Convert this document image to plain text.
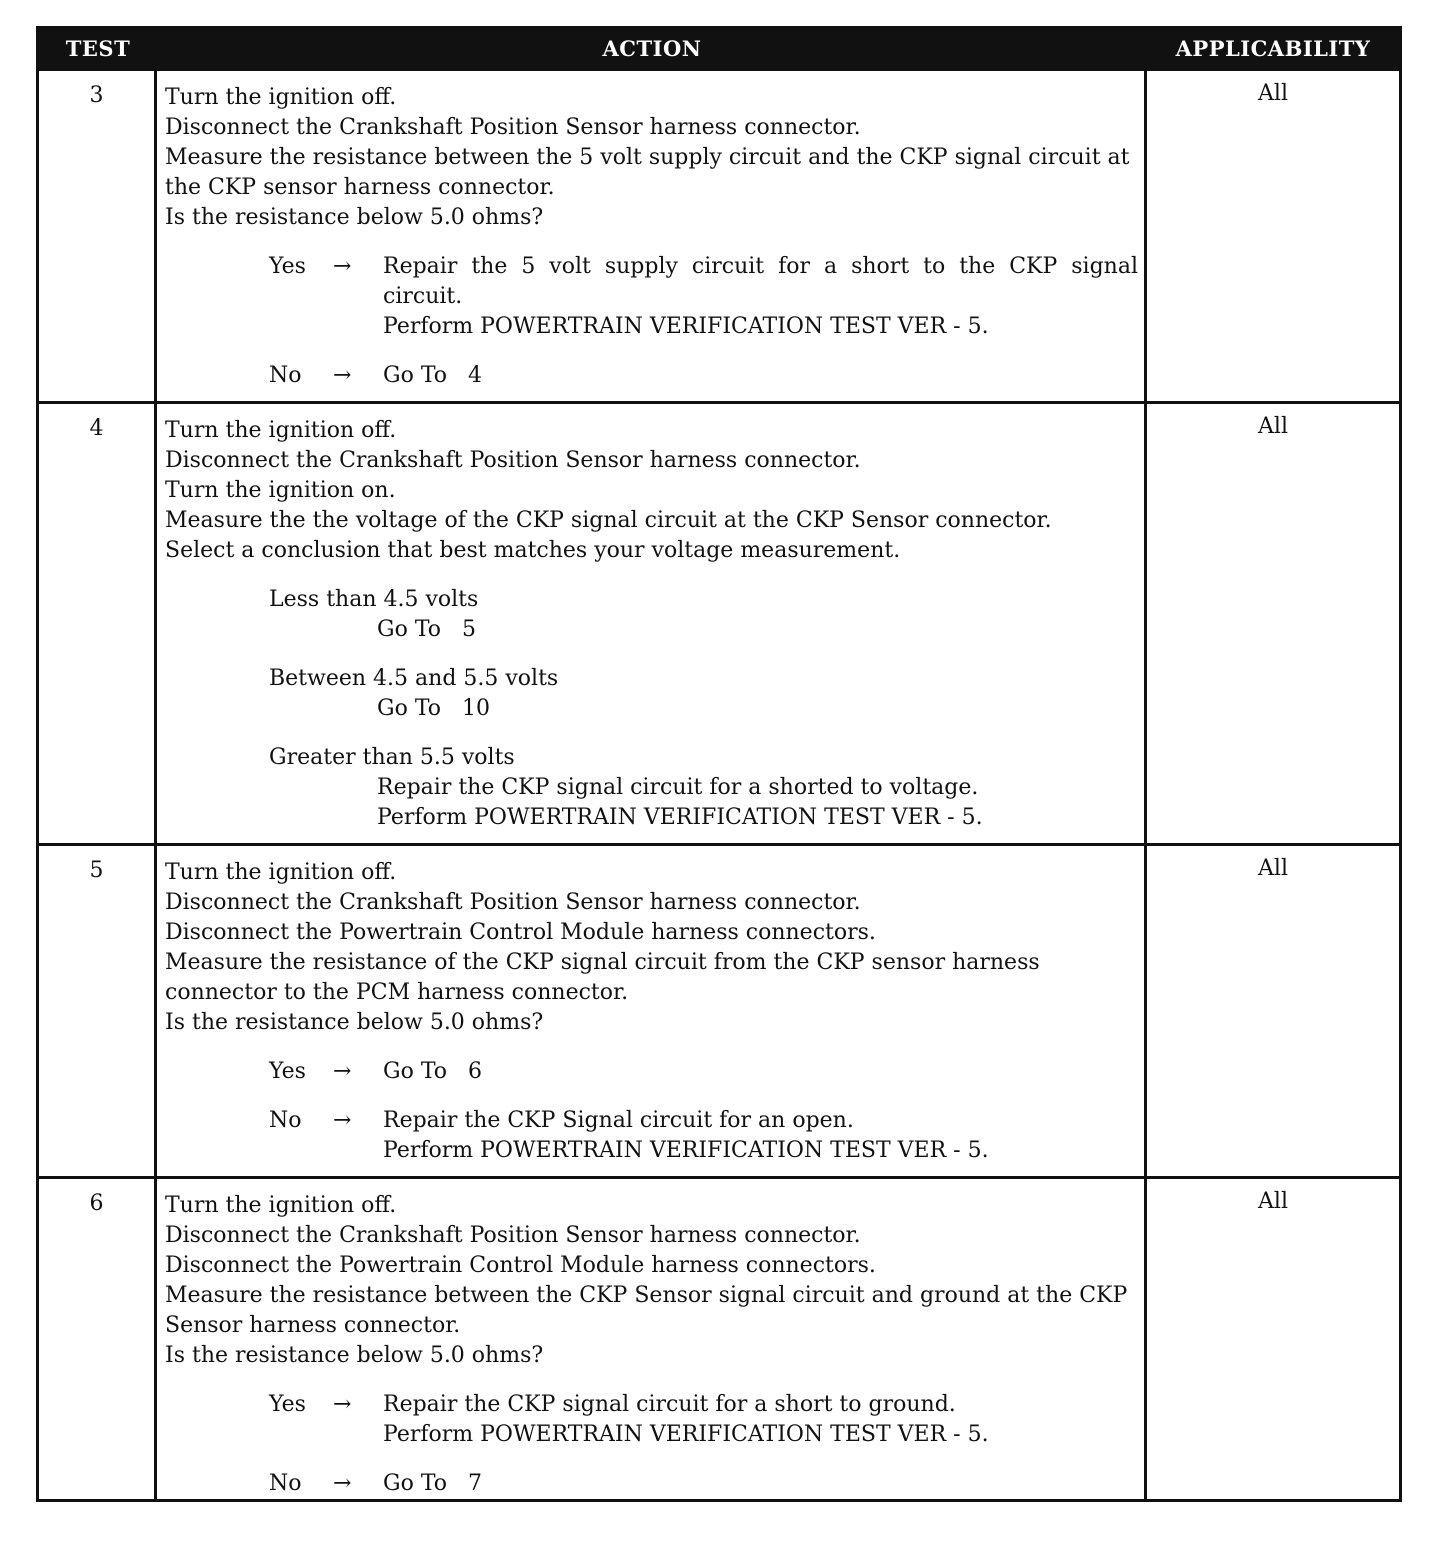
TEST	ACTION	APPLICABILITY
3	Turn the ignition off.

Disconnect the Crankshaft Position Sensor harness connector.

Measure the resistance between the 5 volt supply circuit and the CKP signal circuit at the CKP sensor harness connector.

Is the resistance below 5.0 ohms?

Yes	→	Repair the 5 volt supply circuit for a short to the CKP signal circuit.
Perform POWERTRAIN VERIFICATION TEST VER - 5.
No	→	Go To   4
All
4	Turn the ignition off.

Disconnect the Crankshaft Position Sensor harness connector.

Turn the ignition on.

Measure the the voltage of the CKP signal circuit at the CKP Sensor connector.

Select a conclusion that best matches your voltage measurement.

Less than 4.5 volts
Go To   5
Between 4.5 and 5.5 volts
Go To   10
Greater than 5.5 volts
Repair the CKP signal circuit for a shorted to voltage.
Perform POWERTRAIN VERIFICATION TEST VER - 5.
All
5	Turn the ignition off.

Disconnect the Crankshaft Position Sensor harness connector.

Disconnect the Powertrain Control Module harness connectors.

Measure the resistance of the CKP signal circuit from the CKP sensor harness connector to the PCM harness connector.

Is the resistance below 5.0 ohms?

Yes	→	Go To   6
No	→	Repair the CKP Signal circuit for an open.
Perform POWERTRAIN VERIFICATION TEST VER - 5.
All
6	Turn the ignition off.

Disconnect the Crankshaft Position Sensor harness connector.

Disconnect the Powertrain Control Module harness connectors.

Measure the resistance between the CKP Sensor signal circuit and ground at the CKP Sensor harness connector.

Is the resistance below 5.0 ohms?

Yes	→	Repair the CKP signal circuit for a short to ground.
Perform POWERTRAIN VERIFICATION TEST VER - 5.
No	→	Go To   7
All
